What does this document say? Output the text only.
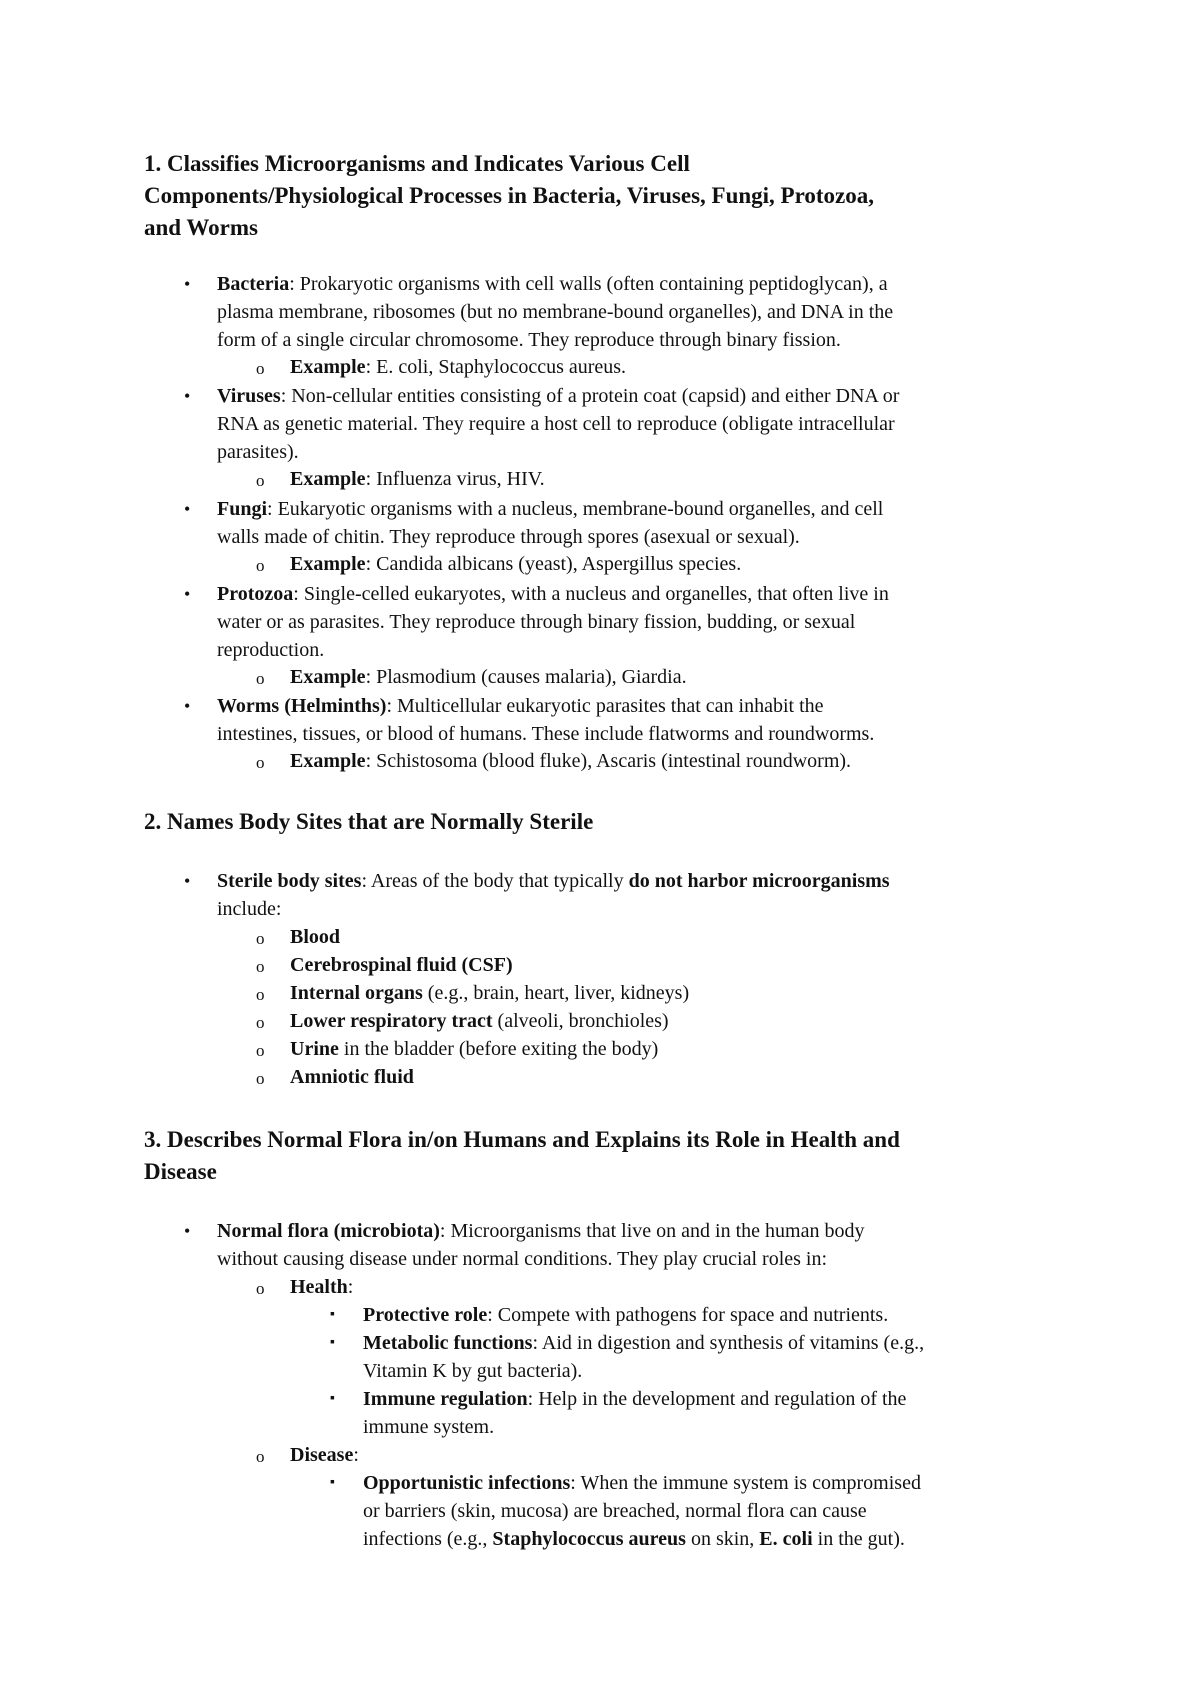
1. Classifies Microorganisms and Indicates Various Cell
Components/Physiological Processes in Bacteria, Viruses, Fungi, Protozoa,
and Worms
• Bacteria: Prokaryotic organisms with cell walls (often containing peptidoglycan), a
plasma membrane, ribosomes (but no membrane-bound organelles), and DNA in the
form of a single circular chromosome. They reproduce through binary fission.
o Example: E. coli, Staphylococcus aureus.
• Viruses: Non-cellular entities consisting of a protein coat (capsid) and either DNA or
RNA as genetic material. They require a host cell to reproduce (obligate intracellular
parasites).
o Example: Influenza virus, HIV.
• Fungi: Eukaryotic organisms with a nucleus, membrane-bound organelles, and cell
walls made of chitin. They reproduce through spores (asexual or sexual).
o Example: Candida albicans (yeast), Aspergillus species.
• Protozoa: Single-celled eukaryotes, with a nucleus and organelles, that often live in
water or as parasites. They reproduce through binary fission, budding, or sexual
reproduction.
o Example: Plasmodium (causes malaria), Giardia.
• Worms (Helminths): Multicellular eukaryotic parasites that can inhabit the
intestines, tissues, or blood of humans. These include flatworms and roundworms.
o Example: Schistosoma (blood fluke), Ascaris (intestinal roundworm).
2. Names Body Sites that are Normally Sterile
• Sterile body sites: Areas of the body that typically do not harbor microorganisms
include:
o Blood
o Cerebrospinal fluid (CSF)
o Internal organs (e.g., brain, heart, liver, kidneys)
o Lower respiratory tract (alveoli, bronchioles)
o Urine in the bladder (before exiting the body)
o Amniotic fluid
3. Describes Normal Flora in/on Humans and Explains its Role in Health and
Disease
• Normal flora (microbiota): Microorganisms that live on and in the human body
without causing disease under normal conditions. They play crucial roles in:
o Health:
▪ Protective role: Compete with pathogens for space and nutrients.
▪ Metabolic functions: Aid in digestion and synthesis of vitamins (e.g.,
Vitamin K by gut bacteria).
▪ Immune regulation: Help in the development and regulation of the
immune system.
o Disease:
▪ Opportunistic infections: When the immune system is compromised
or barriers (skin, mucosa) are breached, normal flora can cause
infections (e.g., Staphylococcus aureus on skin, E. coli in the gut).
